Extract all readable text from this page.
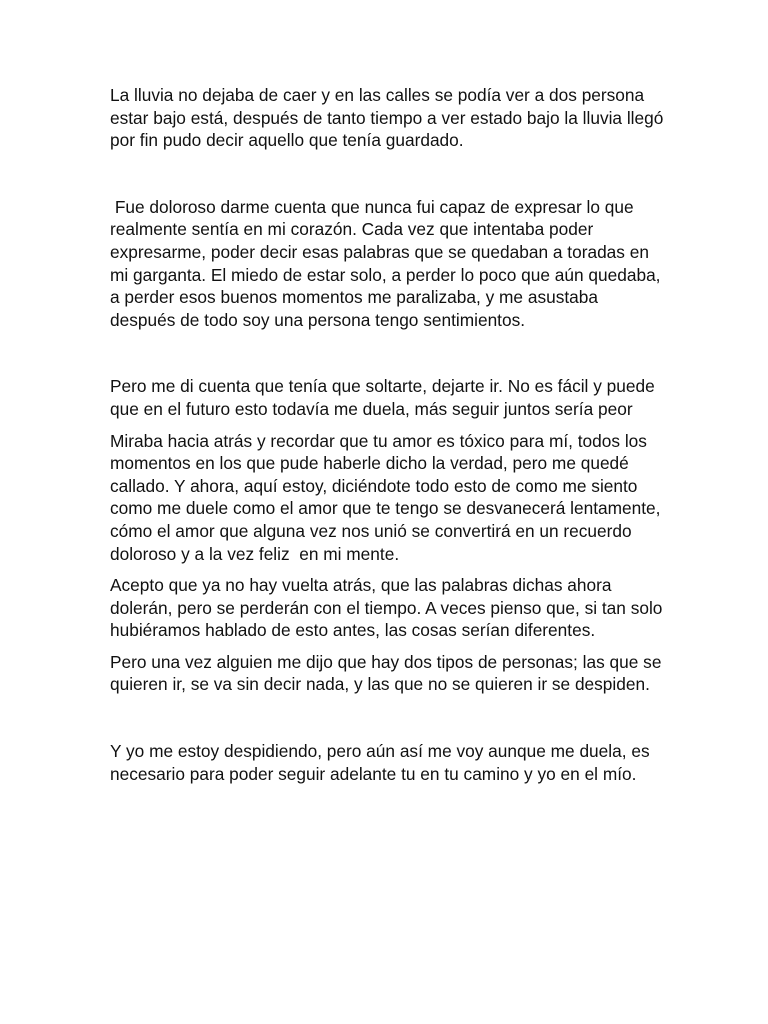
La lluvia no dejaba de caer y en las calles se podía ver a dos persona estar bajo está, después de tanto tiempo a ver estado bajo la lluvia llegó por fin pudo decir aquello que tenía guardado.

Fue doloroso darme cuenta que nunca fui capaz de expresar lo que realmente sentía en mi corazón. Cada vez que intentaba poder expresarme, poder decir esas palabras que se quedaban a toradas en mi garganta. El miedo de estar solo, a perder lo poco que aún quedaba, a perder esos buenos momentos me paralizaba, y me asustaba después de todo soy una persona tengo sentimientos.

Pero me di cuenta que tenía que soltarte, dejarte ir. No es fácil y puede que en el futuro esto todavía me duela, más seguir juntos sería peor

Miraba hacia atrás y recordar que tu amor es tóxico para mí, todos los momentos en los que pude haberle dicho la verdad, pero me quedé callado. Y ahora, aquí estoy, diciéndote todo esto de como me siento como me duele como el amor que te tengo se desvanecerá lentamente, cómo el amor que alguna vez nos unió se convertirá en un recuerdo doloroso y a la vez feliz  en mi mente.

Acepto que ya no hay vuelta atrás, que las palabras dichas ahora dolerán, pero se perderán con el tiempo. A veces pienso que, si tan solo hubiéramos hablado de esto antes, las cosas serían diferentes.

Pero una vez alguien me dijo que hay dos tipos de personas; las que se quieren ir, se va sin decir nada, y las que no se quieren ir se despiden.

Y yo me estoy despidiendo, pero aún así me voy aunque me duela, es necesario para poder seguir adelante tu en tu camino y yo en el mío.
